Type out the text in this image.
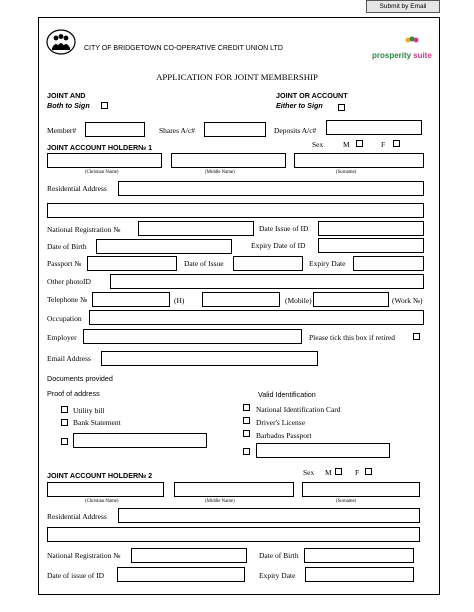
Submit by Email
CITY OF BRIDGETOWN CO-OPERATIVE CREDIT UNION LTD
prosperity suite
APPLICATION FOR JOINT MEMBERSHIP
JOINT AND
Both to Sign
JOINT OR ACCOUNT
Either to Sign
Member#	Shares A/c#	Deposits A/c#
JOINT ACCOUNT HOLDER№ 1	Sex	M	F
(Christian Name)	(Middle Name)	(Surname)
Residential Address
National Registration №	Date Issue of ID
Date of Birth	Expiry Date of ID
Passport №	Date of Issue	Expiry Date
Other photoID
Telephone №	(H)	(Mobile)	(Work №)
Occupation
Employer	Please tick this box if retired
Email Address
Documents provided
Proof of address
Utility bill
Bank Statement
Valid Identification
National Identification Card
Driver's License
Barbados Passport
JOINT ACCOUNT HOLDER№ 2	Sex M	F
(Christian Name)	(Middle Name)	(Surname)
Residential Address
National Registration №	Date of Birth
Date of issue of ID	Expiry Date
